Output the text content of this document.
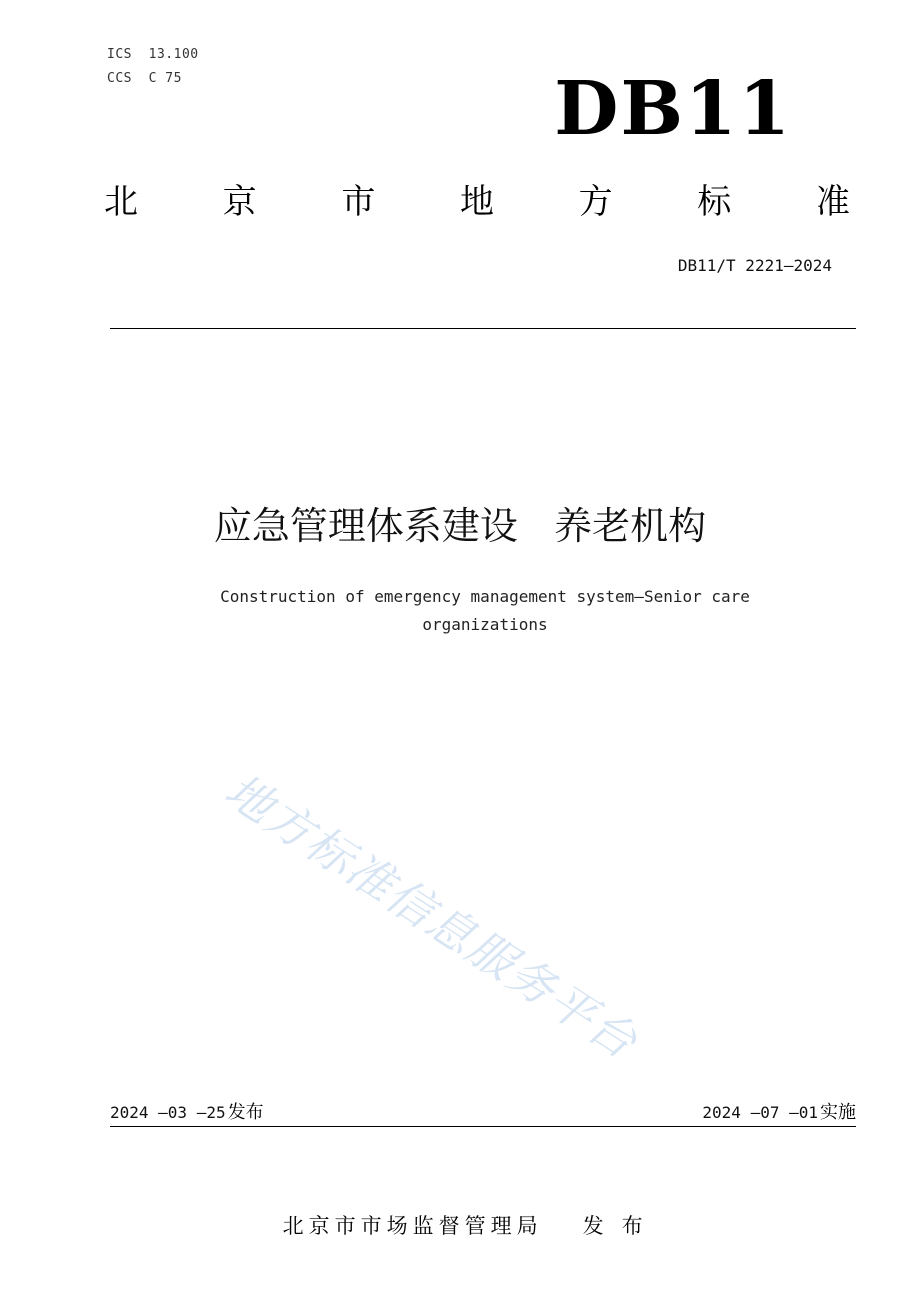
ICS  13.100
CCS  C 75	DB11
北 京 市 地 方 标 准
DB11/T 2221—2024
应急管理体系建设   养老机构
Construction of emergency management system—Senior care
organizations
地方标准信息服务平台
2024 —03 —25 发布	2024 —07 —01 实施

北京市市场监督管理局 发布
